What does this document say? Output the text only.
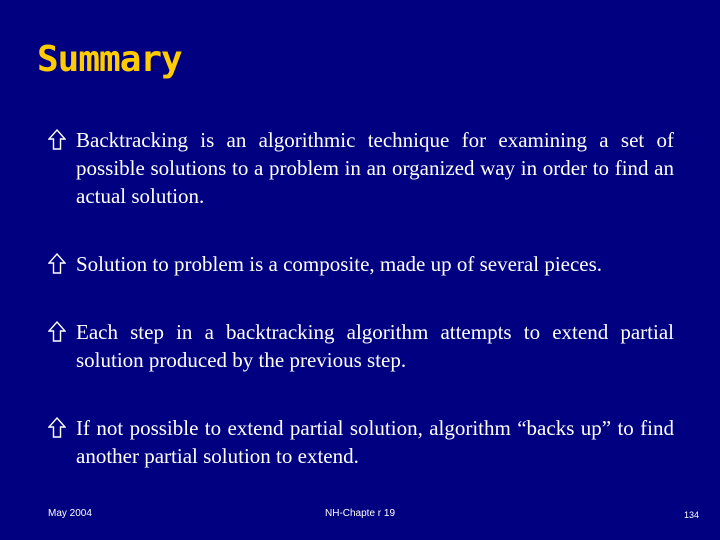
Summary
Backtracking is an algorithmic technique for examining a set of possible solutions to a problem in an organized way in order to find an actual solution.
Solution to problem is a composite, made up of several pieces.
Each step in a backtracking algorithm attempts to extend partial solution produced by the previous step.
If not possible to extend partial solution, algorithm “backs up” to find another partial solution to extend.
May 2004	NH-Chapte r 19	134
